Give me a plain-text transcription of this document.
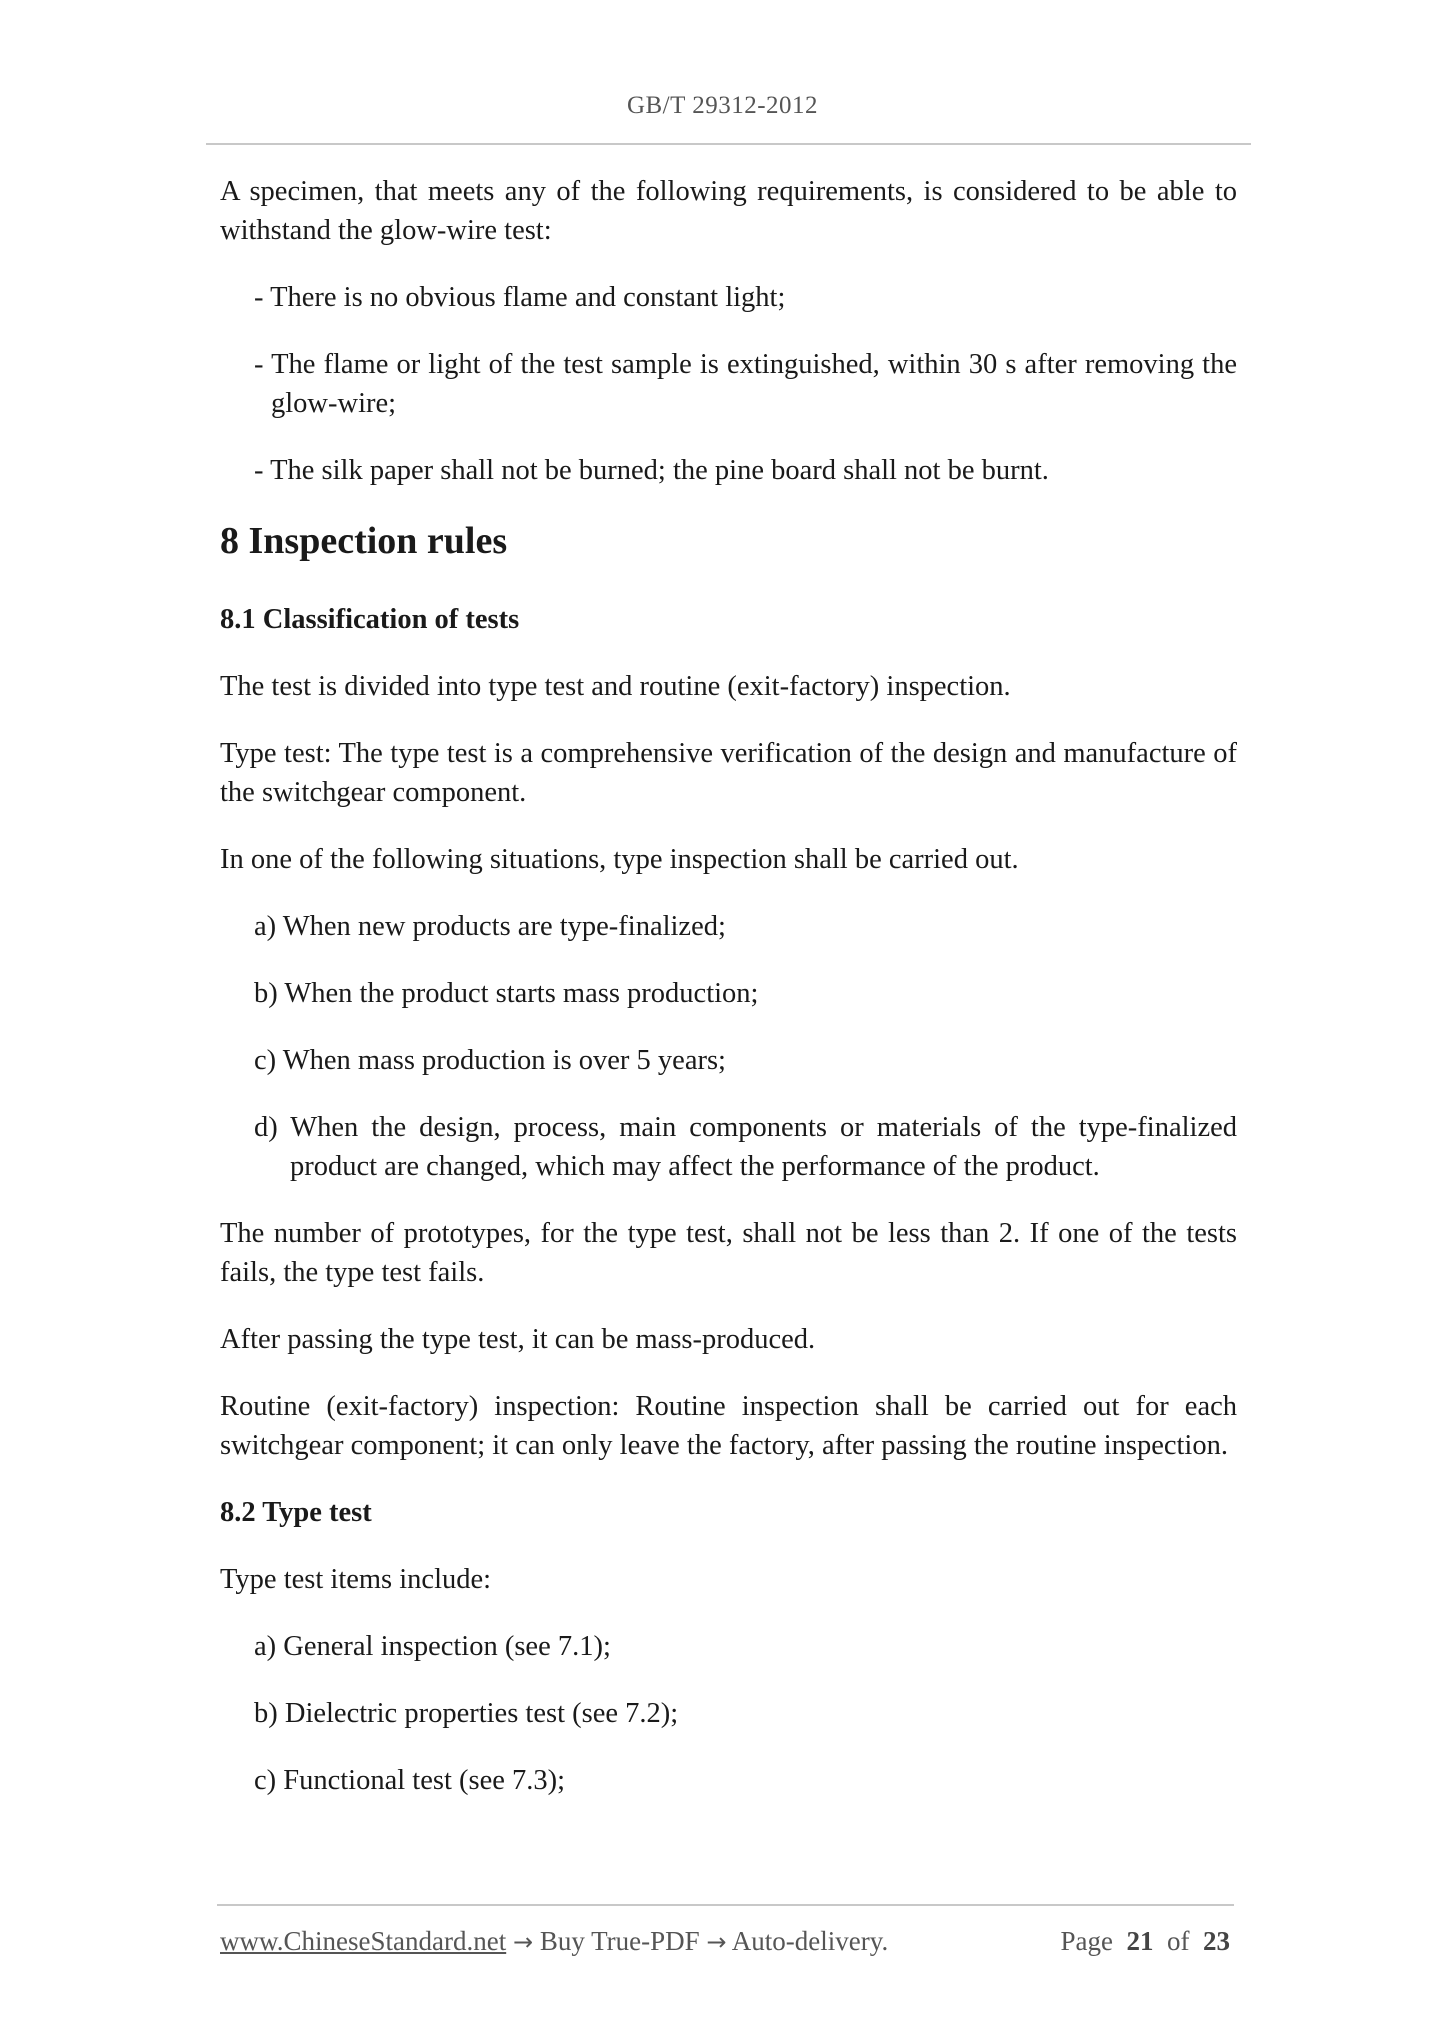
GB/T 29312-2012

A specimen, that meets any of the following requirements, is considered to be able to withstand the glow-wire test:

- There is no obvious flame and constant light;

- The flame or light of the test sample is extinguished, within 30 s after removing the glow-wire;

- The silk paper shall not be burned; the pine board shall not be burnt.

8 Inspection rules
8.1 Classification of tests

The test is divided into type test and routine (exit-factory) inspection.

Type test: The type test is a comprehensive verification of the design and manufacture of the switchgear component.

In one of the following situations, type inspection shall be carried out.

a) When new products are type-finalized;

b) When the product starts mass production;

c) When mass production is over 5 years;

d) When the design, process, main components or materials of the type-finalized product are changed, which may affect the performance of the product.

The number of prototypes, for the type test, shall not be less than 2. If one of the tests fails, the type test fails.

After passing the type test, it can be mass-produced.

Routine (exit-factory) inspection: Routine inspection shall be carried out for each switchgear component; it can only leave the factory, after passing the routine inspection.

8.2 Type test

Type test items include:

a) General inspection (see 7.1);

b) Dielectric properties test (see 7.2);

c) Functional test (see 7.3);

www.ChineseStandard.net → Buy True-PDF → Auto-delivery.	Page 21 of 23
